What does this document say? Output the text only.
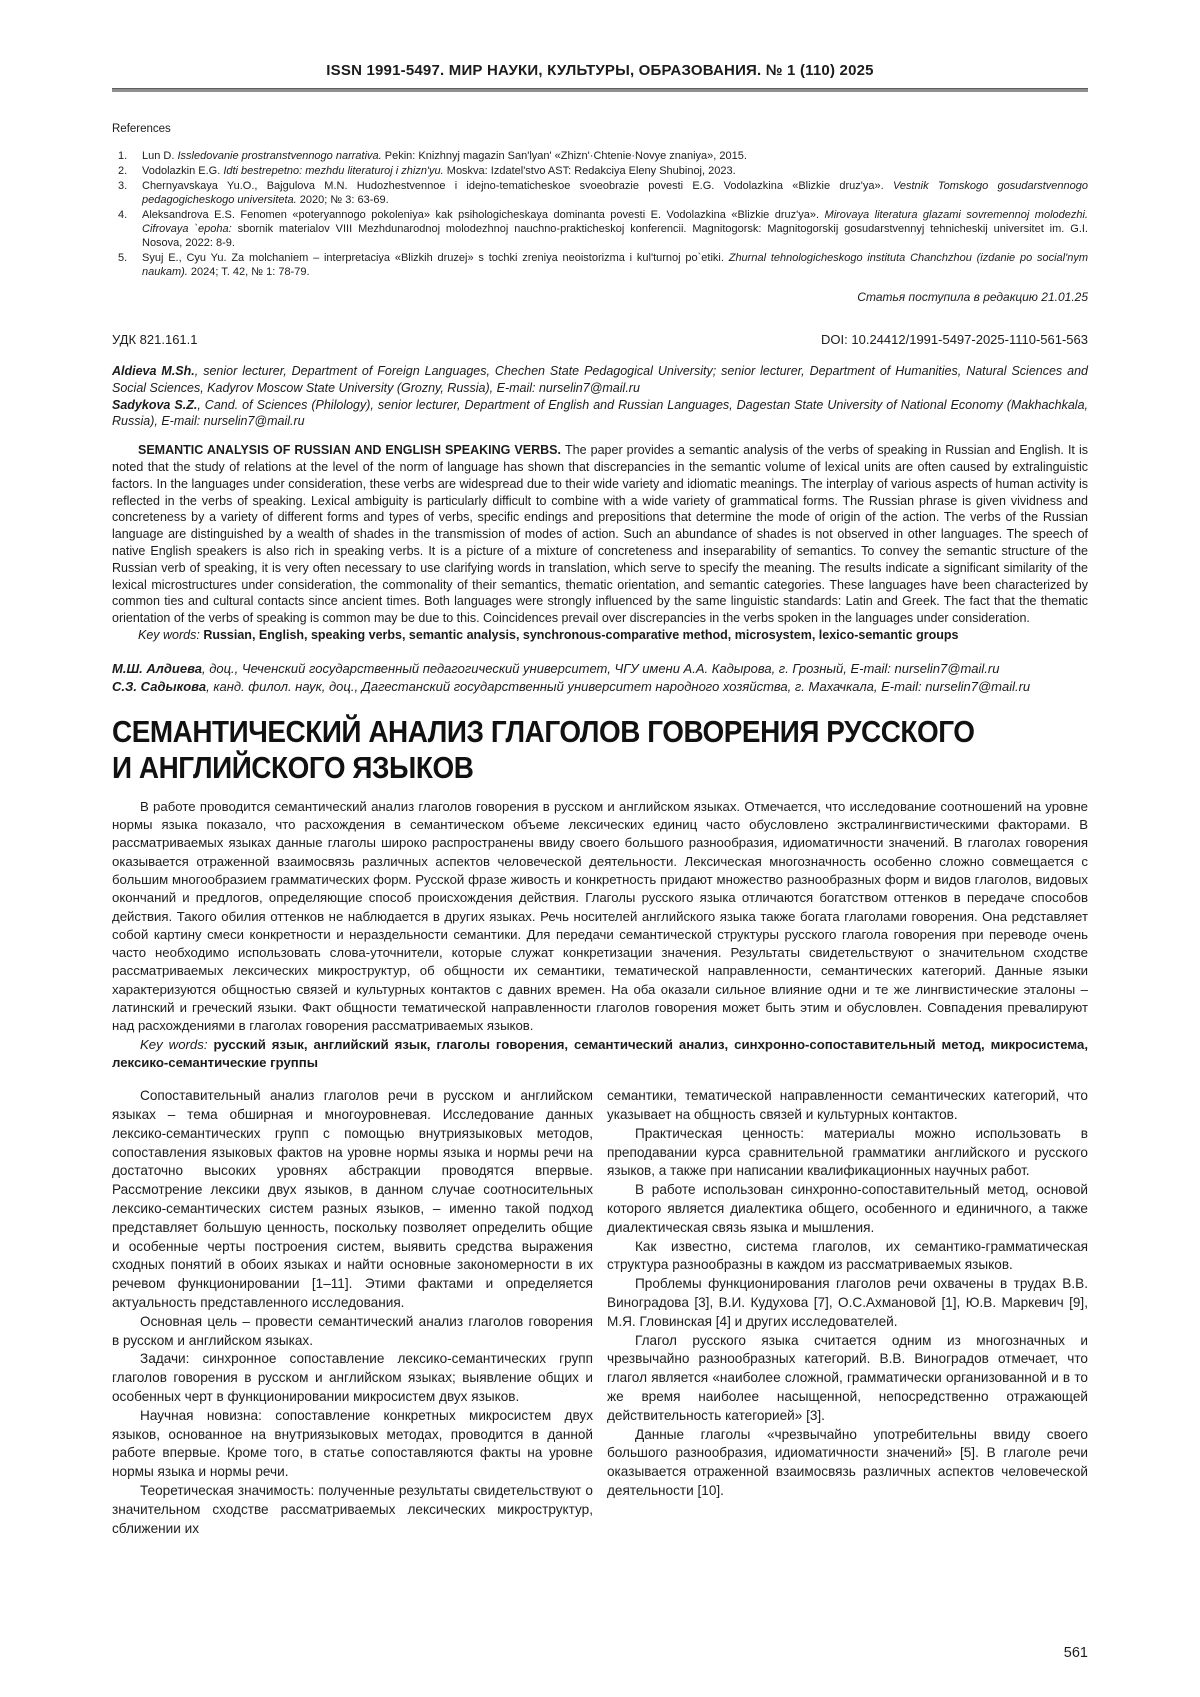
ISSN 1991-5497. МИР НАУКИ, КУЛЬТУРЫ, ОБРАЗОВАНИЯ. № 1 (110) 2025
References
1.	Lun D. Issledovanie prostranstvennogo narrativa. Pekin: Knizhnyj magazin San'lyan' «Zhizn'·Chtenie·Novye znaniya», 2015.
2.	Vodolazkin E.G. Idti bestrepetno: mezhdu literaturoj i zhizn'yu. Moskva: Izdatel'stvo AST: Redakciya Eleny Shubinoj, 2023.
3.	Chernyavskaya Yu.O., Bajgulova M.N. Hudozhestvennoe i idejno-tematicheskoe svoeobrazie povesti E.G. Vodolazkina «Blizkie druz'ya». Vestnik Tomskogo gosudarstvennogo pedagogicheskogo universiteta. 2020; № 3: 63-69.
4.	Aleksandrova E.S. Fenomen «poteryannogo pokoleniya» kak psihologicheskaya dominanta povesti E. Vodolazkina «Blizkie druz'ya». Mirovaya literatura glazami sovremennoj molodezhi. Cifrovaya `epoha: sbornik materialov VIII Mezhdunarodnoj molodezhnoj nauchno-prakticheskoj konferencii. Magnitogorsk: Magnitogorskij gosudarstvennyj tehnicheskij universitet im. G.I. Nosova, 2022: 8-9.
5.	Syuj E., Cyu Yu. Za molchaniem – interpretaciya «Blizkih druzej» s tochki zreniya neoistorizma i kul'turnoj po`etiki. Zhurnal tehnologicheskogo instituta Chanchzhou (izdanie po social'nym naukam). 2024; T. 42, № 1: 78-79.
Статья поступила в редакцию 21.01.25
УДК 821.161.1	DOI: 10.24412/1991-5497-2025-1110-561-563

Aldieva M.Sh., senior lecturer, Department of Foreign Languages, Chechen State Pedagogical University; senior lecturer, Department of Humanities, Natural Sciences and Social Sciences, Kadyrov Moscow State University (Grozny, Russia), E-mail: nurselin7@mail.ru

Sadykova S.Z., Cand. of Sciences (Philology), senior lecturer, Department of English and Russian Languages, Dagestan State University of National Economy (Makhachkala, Russia), E-mail: nurselin7@mail.ru

SEMANTIC ANALYSIS OF RUSSIAN AND ENGLISH SPEAKING VERBS. The paper provides a semantic analysis of the verbs of speaking in Russian and English. It is noted that the study of relations at the level of the norm of language has shown that discrepancies in the semantic volume of lexical units are often caused by extralinguistic factors. In the languages under consideration, these verbs are widespread due to their wide variety and idiomatic meanings. The interplay of various aspects of human activity is reflected in the verbs of speaking. Lexical ambiguity is particularly difficult to combine with a wide variety of grammatical forms. The Russian phrase is given vividness and concreteness by a variety of different forms and types of verbs, specific endings and prepositions that determine the mode of origin of the action. The verbs of the Russian language are distinguished by a wealth of shades in the transmission of modes of action. Such an abundance of shades is not observed in other languages. The speech of native English speakers is also rich in speaking verbs. It is a picture of a mixture of concreteness and inseparability of semantics. To convey the semantic structure of the Russian verb of speaking, it is very often necessary to use clarifying words in translation, which serve to specify the meaning. The results indicate a significant similarity of the lexical microstructures under consideration, the commonality of their semantics, thematic orientation, and semantic categories. These languages have been characterized by common ties and cultural contacts since ancient times. Both languages were strongly influenced by the same linguistic standards: Latin and Greek. The fact that the thematic orientation of the verbs of speaking is common may be due to this. Coincidences prevail over discrepancies in the verbs spoken in the languages under consideration.

Key words: Russian, English, speaking verbs, semantic analysis, synchronous-comparative method, microsystem, lexico-semantic groups

М.Ш. Алдиева, доц., Чеченский государственный педагогический университет, ЧГУ имени А.А. Кадырова, г. Грозный, E-mail: nurselin7@mail.ru

С.З. Садыкова, канд. филол. наук, доц., Дагестанский государственный университет народного хозяйства, г. Махачкала, E-mail: nurselin7@mail.ru

СЕМАНТИЧЕСКИЙ АНАЛИЗ ГЛАГОЛОВ ГОВОРЕНИЯ РУССКОГО
И АНГЛИЙСКОГО ЯЗЫКОВ

В работе проводится семантический анализ глаголов говорения в русском и английском языках. Отмечается, что исследование соотношений на уровне нормы языка показало, что расхождения в семантическом объеме лексических единиц часто обусловлено экстралингвистическими факторами. В рассматриваемых языках данные глаголы широко распространены ввиду своего большого разнообразия, идиоматичности значений. В глаголах говорения оказывается отраженной взаимосвязь различных аспектов человеческой деятельности. Лексическая многозначность особенно сложно совмещается с большим многообразием грамматических форм. Русской фразе живость и конкретность придают множество разнообразных форм и видов глаголов, видовых окончаний и предлогов, определяющие способ происхождения действия. Глаголы русского языка отличаются богатством оттенков в передаче способов действия. Такого обилия оттенков не наблюдается в других языках. Речь носителей английского языка также богата глаголами говорения. Она редставляет собой картину смеси конкретности и нераздельности семантики. Для передачи семантической структуры русского глагола говорения при переводе очень часто необходимо использовать слова-уточнители, которые служат конкретизации значения. Результаты свидетельствуют о значительном сходстве рассматриваемых лексических микроструктур, об общности их семантики, тематической направленности, семантических категорий. Данные языки характеризуются общностью связей и культурных контактов с давних времен. На оба оказали сильное влияние одни и те же лингвистические эталоны – латинский и греческий языки. Факт общности тематической направленности глаголов говорения может быть этим и обусловлен. Совпадения превалируют над расхождениями в глаголах говорения рассматриваемых языков.

Key words: русский язык, английский язык, глаголы говорения, семантический анализ, синхронно-сопоставительный метод, микросистема, лексико-семантические группы

Сопоставительный анализ глаголов речи в русском и английском языках – тема обширная и многоуровневая. Исследование данных лексико-семантических групп с помощью внутриязыковых методов, сопоставления языковых фактов на уровне нормы языка и нормы речи на достаточно высоких уровнях абстракции проводятся впервые. Рассмотрение лексики двух языков, в данном случае соотносительных лексико-семантических систем разных языков, – именно такой подход представляет большую ценность, поскольку позволяет определить общие и особенные черты построения систем, выявить средства выражения сходных понятий в обоих языках и найти основные закономерности в их речевом функционировании [1–11]. Этими фактами и определяется актуальность представленного исследования.

Основная цель – провести семантический анализ глаголов говорения в русском и английском языках.

Задачи: синхронное сопоставление лексико-семантических групп глаголов говорения в русском и английском языках; выявление общих и особенных черт в функционировании микросистем двух языков.

Научная новизна: сопоставление конкретных микросистем двух языков, основанное на внутриязыковых методах, проводится в данной работе впервые. Кроме того, в статье сопоставляются факты на уровне нормы языка и нормы речи.

Теоретическая значимость: полученные результаты свидетельствуют о значительном сходстве рассматриваемых лексических микроструктур, сближении их

семантики, тематической направленности семантических категорий, что указывает на общность связей и культурных контактов.

Практическая ценность: материалы можно использовать в преподавании курса сравнительной грамматики английского и русского языков, а также при написании квалификационных научных работ.

В работе использован синхронно-сопоставительный метод, основой которого является диалектика общего, особенного и единичного, а также диалектическая связь языка и мышления.

Как известно, система глаголов, их семантико-грамматическая структура разнообразны в каждом из рассматриваемых языков.

Проблемы функционирования глаголов речи охвачены в трудах В.В. Виноградова [3], В.И. Кудухова [7], О.С.Ахмановой [1], Ю.В. Маркевич [9], М.Я. Гловинская [4] и других исследователей.

Глагол русского языка считается одним из многозначных и чрезвычайно разнообразных категорий. В.В. Виноградов отмечает, что глагол является «наиболее сложной, грамматически организованной и в то же время наиболее насыщенной, непосредственно отражающей действительность категорией» [3].

Данные глаголы «чрезвычайно употребительны ввиду своего большого разнообразия, идиоматичности значений» [5]. В глаголе речи оказывается отраженной взаимосвязь различных аспектов человеческой деятельности [10].

561
